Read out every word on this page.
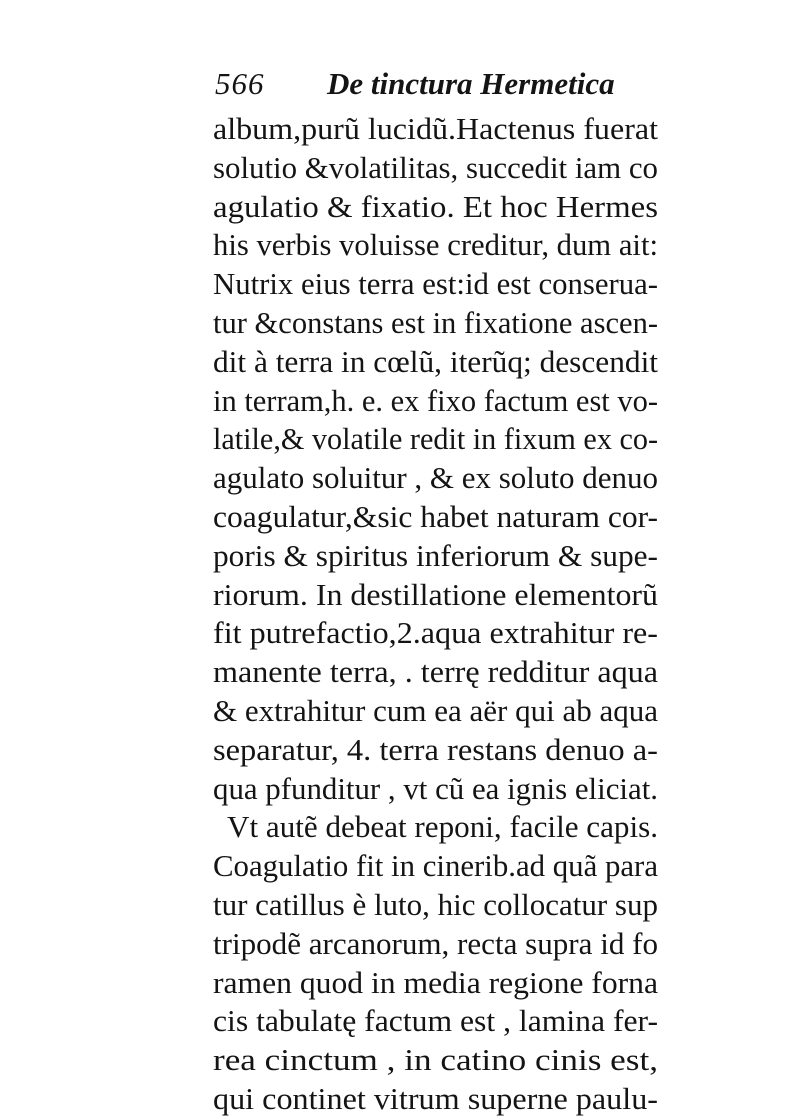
566 De tinctura Hermetica
album,purũ lucidũ.Hactenus fuerat
solutio &volatilitas, succedit iam co
agulatio & fixatio. Et hoc Hermes
his verbis voluisse creditur, dum ait:
Nutrix eius terra est:id est conserua-
tur &constans est in fixatione ascen-
dit à terra in cœlũ, iterũq; descendit
in terram,h. e. ex fixo factum est vo-
latile,& volatile redit in fixum ex co-
agulato soluitur , & ex soluto denuo
coagulatur,&sic habet naturam cor-
poris & spiritus inferiorum & supe-
riorum. In destillatione elementorũ
fit putrefactio,2.aqua extrahitur re-
manente terra, . terrę redditur aqua
& extrahitur cum ea aër qui ab aqua
separatur, 4. terra restans denuo a-
qua pfunditur , vt cũ ea ignis eliciat.
Vt autẽ debeat reponi, facile capis.
Coagulatio fit in cinerib.ad quã para
tur catillus è luto, hic collocatur sup
tripodẽ arcanorum, recta supra id fo
ramen quod in media regione forna
cis tabulatę factum est , lamina fer-
rea cinctum , in catino cinis est,
qui continet vitrum superne paulu-
